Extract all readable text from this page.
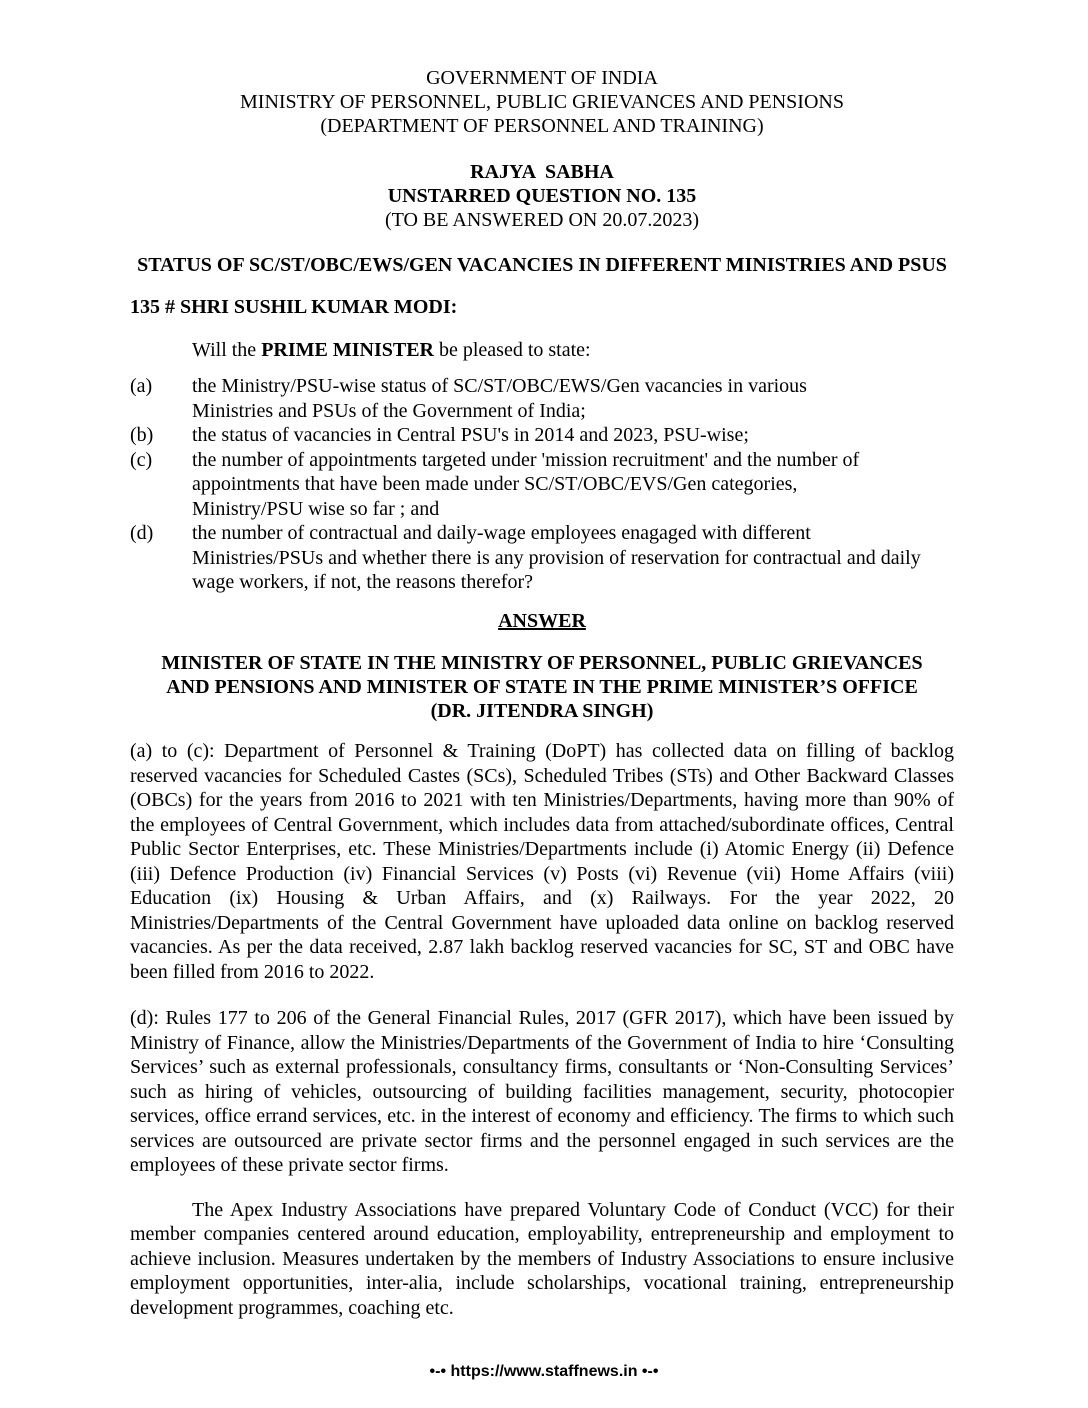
GOVERNMENT OF INDIA
MINISTRY OF PERSONNEL, PUBLIC GRIEVANCES AND PENSIONS
(DEPARTMENT OF PERSONNEL AND TRAINING)
RAJYA  SABHA
UNSTARRED QUESTION NO. 135
(TO BE ANSWERED ON 20.07.2023)
STATUS OF SC/ST/OBC/EWS/GEN VACANCIES IN DIFFERENT MINISTRIES AND PSUS
135 # SHRI SUSHIL KUMAR MODI:
Will the PRIME MINISTER be pleased to state:
(a)	the Ministry/PSU-wise status of SC/ST/OBC/EWS/Gen vacancies in various Ministries and PSUs of the Government of India;
(b)	the status of vacancies in Central PSU's in 2014 and 2023, PSU-wise;
(c)	the number of appointments targeted under 'mission recruitment' and the number of appointments that have been made under SC/ST/OBC/EVS/Gen categories, Ministry/PSU wise so far ; and
(d)	the number of contractual and daily-wage employees enagaged with different Ministries/PSUs and whether there is any provision of reservation for contractual and daily wage workers, if not, the reasons therefor?
ANSWER
MINISTER OF STATE IN THE MINISTRY OF PERSONNEL, PUBLIC GRIEVANCES
AND PENSIONS AND MINISTER OF STATE IN THE PRIME MINISTER’S OFFICE
(DR. JITENDRA SINGH)

(a) to (c): Department of Personnel & Training (DoPT) has collected data on filling of backlog reserved vacancies for Scheduled Castes (SCs), Scheduled Tribes (STs) and Other Backward Classes (OBCs) for the years from 2016 to 2021 with ten Ministries/Departments, having more than 90% of the employees of Central Government, which includes data from attached/subordinate offices, Central Public Sector Enterprises, etc. These Ministries/Departments include (i) Atomic Energy (ii) Defence (iii) Defence Production (iv) Financial Services (v) Posts (vi) Revenue (vii) Home Affairs (viii) Education (ix) Housing & Urban Affairs, and (x) Railways. For the year 2022, 20 Ministries/Departments of the Central Government have uploaded data online on backlog reserved vacancies. As per the data received, 2.87 lakh backlog reserved vacancies for SC, ST and OBC have been filled from 2016 to 2022.

(d): Rules 177 to 206 of the General Financial Rules, 2017 (GFR 2017), which have been issued by Ministry of Finance, allow the Ministries/Departments of the Government of India to hire ‘Consulting Services’ such as external professionals, consultancy firms, consultants or ‘Non-Consulting Services’ such as hiring of vehicles, outsourcing of building facilities management, security, photocopier services, office errand services, etc. in the interest of economy and efficiency. The firms to which such services are outsourced are private sector firms and the personnel engaged in such services are the employees of these private sector firms.

The Apex Industry Associations have prepared Voluntary Code of Conduct (VCC) for their member companies centered around education, employability, entrepreneurship and employment to achieve inclusion. Measures undertaken by the members of Industry Associations to ensure inclusive employment opportunities, inter-alia, include scholarships, vocational training, entrepreneurship development programmes, coaching etc.

•-• https://www.staffnews.in •-•
